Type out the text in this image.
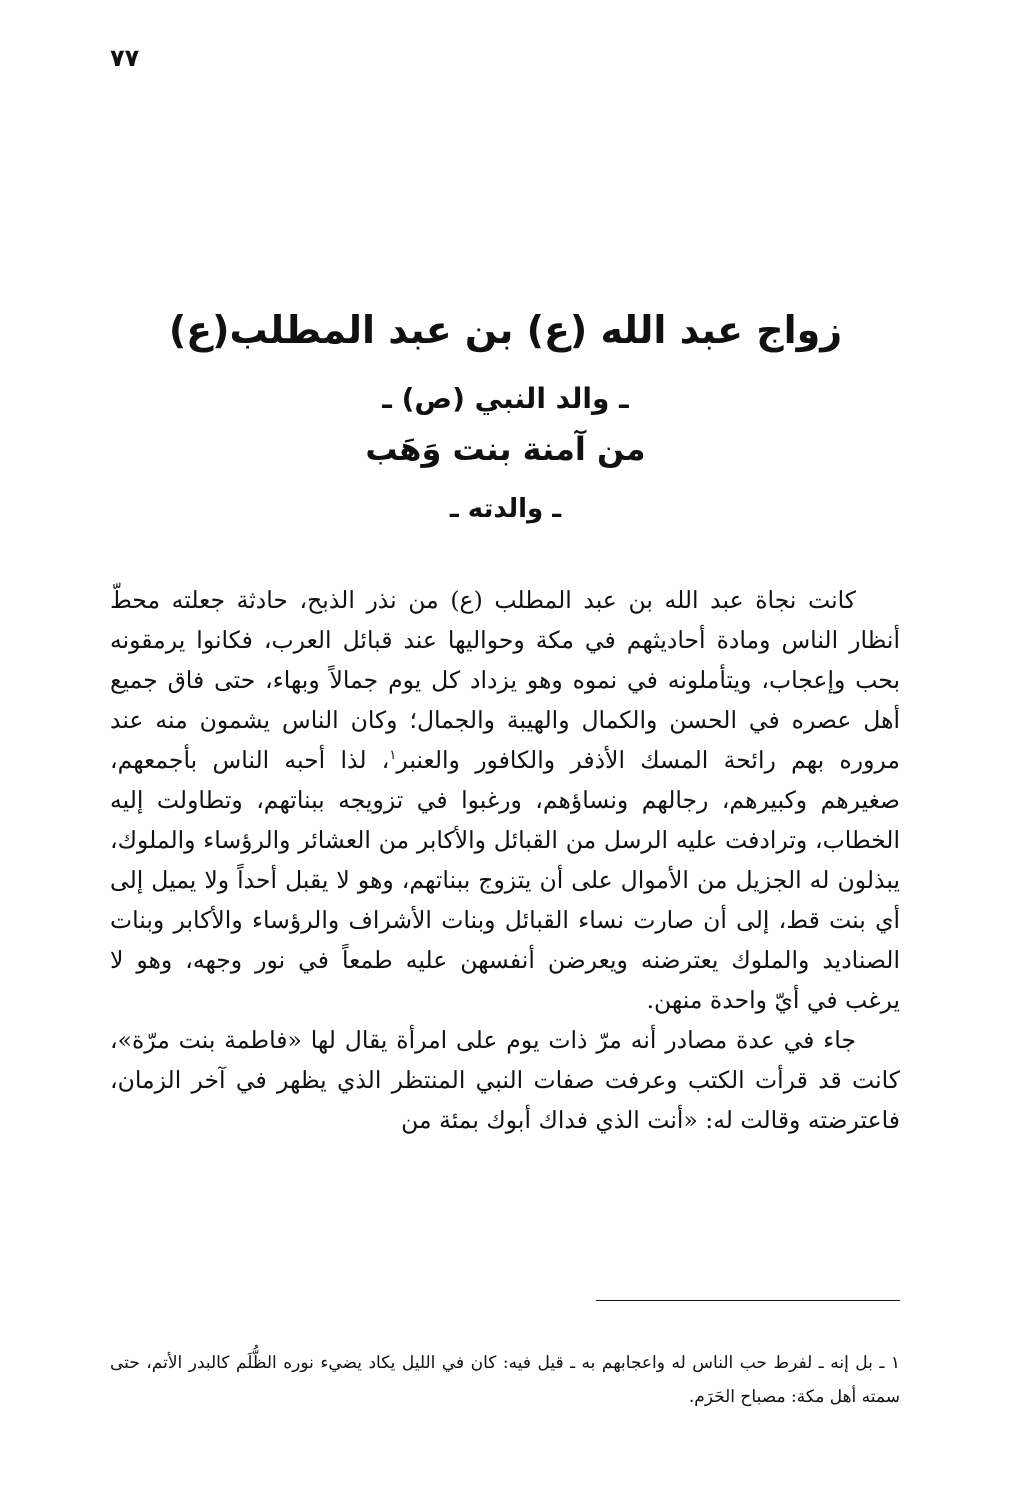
٧٧
زواج عبد الله (ع) بن عبد المطلب(ع)
ـ والد النبي (ص) ـ
من آمنة بنت وَهَب
ـ والدته ـ

كانت نجاة عبد الله بن عبد المطلب (ع) من نذر الذبح، حادثة جعلته محطّ أنظار الناس ومادة أحاديثهم في مكة وحواليها عند قبائل العرب، فكانوا يرمقونه بحب وإعجاب، ويتأملونه في نموه وهو يزداد كل يوم جمالاً وبهاء، حتى فاق جميع أهل عصره في الحسن والكمال والهيبة والجمال؛ وكان الناس يشمون منه عند مروره بهم رائحة المسك الأذفر والكافور والعنبر$^١$، لذا أحبه الناس بأجمعهم، صغيرهم وكبيرهم، رجالهم ونساؤهم، ورغبوا في تزويجه ببناتهم، وتطاولت إليه الخطاب، وترادفت عليه الرسل من القبائل والأكابر من العشائر والرؤساء والملوك، يبذلون له الجزيل من الأموال على أن يتزوج ببناتهم، وهو لا يقبل أحداً ولا يميل إلى أي بنت قط، إلى أن صارت نساء القبائل وبنات الأشراف والرؤساء والأكابر وبنات الصناديد والملوك يعترضنه ويعرضن أنفسهن عليه طمعاً في نور وجهه، وهو لا يرغب في أيّ واحدة منهن.

جاء في عدة مصادر أنه مرّ ذات يوم على امرأة يقال لها «فاطمة بنت مرّة»، كانت قد قرأت الكتب وعرفت صفات النبي المنتظر الذي يظهر في آخر الزمان، فاعترضته وقالت له: «أنت الذي فداك أبوك بمئة من

١ ـ بل إنه ـ لفرط حب الناس له واعجابهم به ـ قيل فيه: كان في الليل يكاد يضيء نوره الظُّلَم كالبدر الأتم، حتى سمته أهل مكة: مصباح الحَرَم.
